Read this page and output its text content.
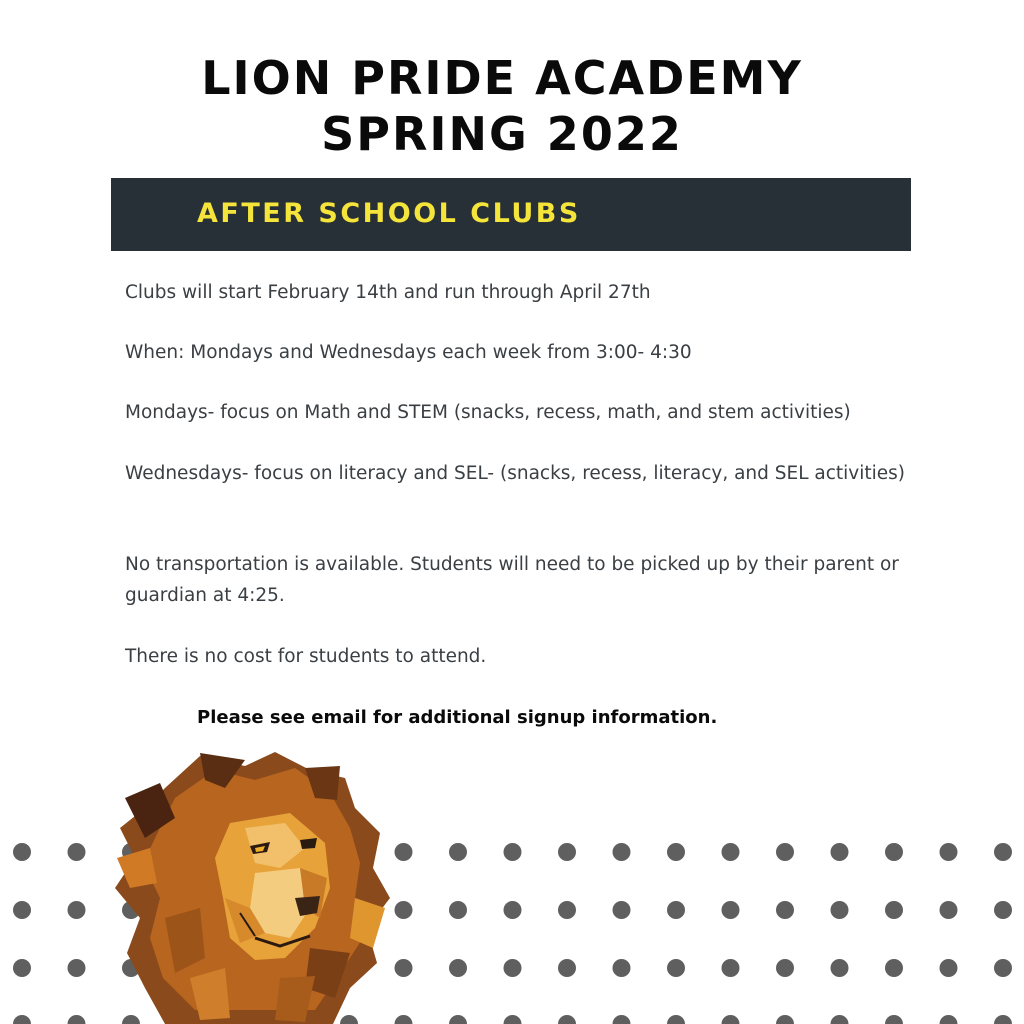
LION PRIDE ACADEMY
SPRING 2022
AFTER SCHOOL CLUBS
Clubs will start February 14th and run through April 27th
When: Mondays and Wednesdays each week from 3:00- 4:30
Mondays- focus on Math and STEM (snacks, recess, math, and stem activities)
Wednesdays- focus on literacy and SEL- (snacks, recess, literacy, and SEL activities)
No transportation is available. Students will need to be picked up by their parent or guardian at 4:25.
There is no cost for students to attend.
Please see email for additional signup information.
